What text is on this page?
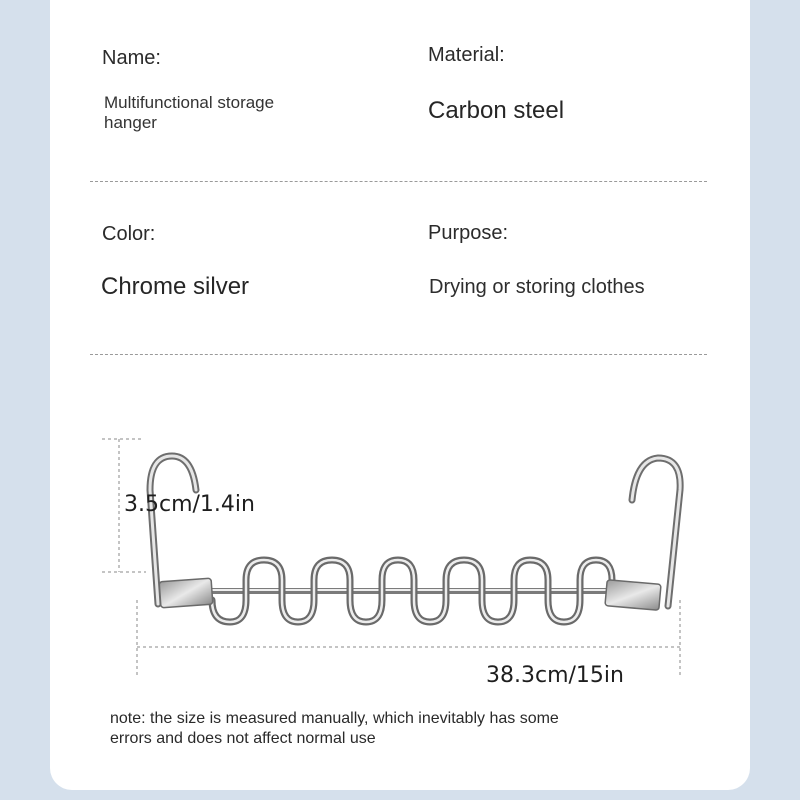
Name:
Multifunctional storage
hanger
Material:
Carbon steel
Color:
Chrome silver
Purpose:
Drying or storing clothes
3.5cm/1.4in
38.3cm/15in
note: the size is measured manually, which inevitably has some
errors and does not affect normal use
